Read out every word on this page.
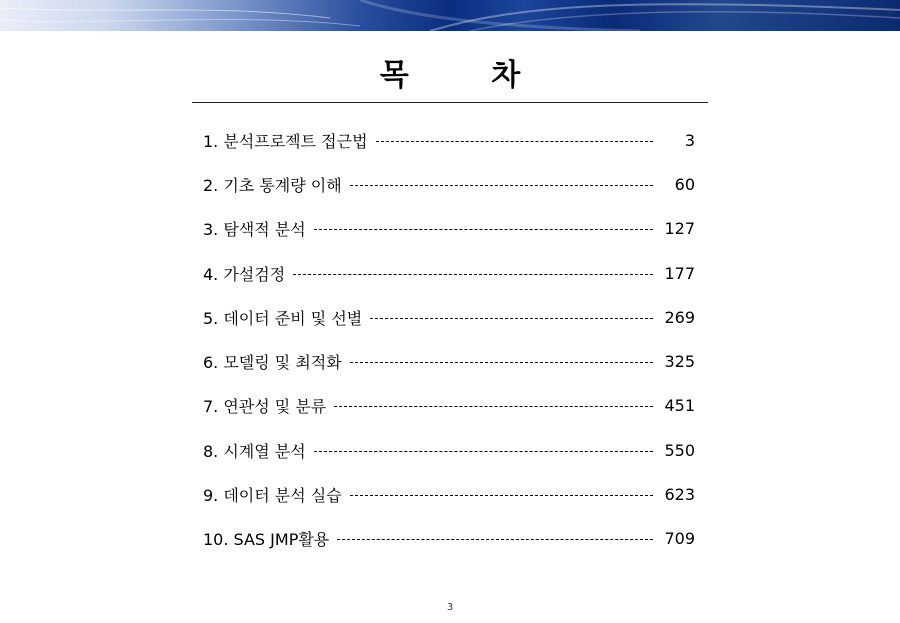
목 차
1. 분석프로젝트 접근법	3
2. 기초 통계량 이해	60
3. 탐색적 분석	127
4. 가설검정	177
5. 데이터 준비 및 선별	269
6. 모델링 및 최적화	325
7. 연관성 및 분류	451
8. 시계열 분석	550
9. 데이터 분석 실습	623
10. SAS JMP활용	709
3
